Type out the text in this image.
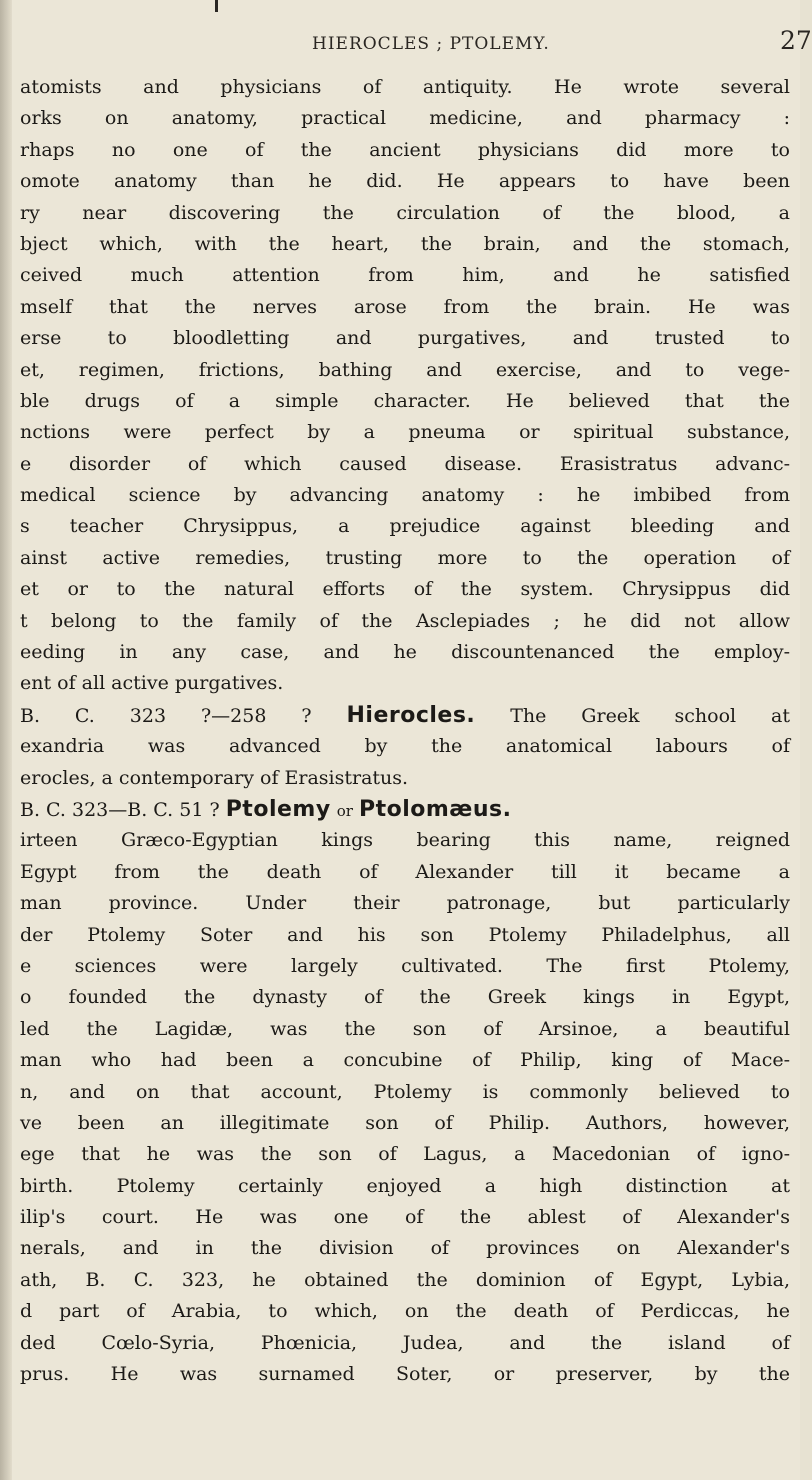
HIEROCLES ; PTOLEMY.	27
atomists and physicians of antiquity. He wrote several
orks on anatomy, practical medicine, and pharmacy :
rhaps no one of the ancient physicians did more to
omote anatomy than he did. He appears to have been
ry near discovering the circulation of the blood, a
bject which, with the heart, the brain, and the stomach,
ceived much attention from him, and he satisfied
mself that the nerves arose from the brain. He was
erse to bloodletting and purgatives, and trusted to
et, regimen, frictions, bathing and exercise, and to vege-
ble drugs of a simple character. He believed that the
nctions were perfect by a pneuma or spiritual substance,
e disorder of which caused disease. Erasistratus advanc-
medical science by advancing anatomy : he imbibed from
s teacher Chrysippus, a prejudice against bleeding and
ainst active remedies, trusting more to the operation of
et or to the natural efforts of the system. Chrysippus did
t belong to the family of the Asclepiades ; he did not allow
eeding in any case, and he discountenanced the employ-
ent of all active purgatives.
B. C. 323 ?—258 ? Hierocles. The Greek school at
exandria was advanced by the anatomical labours of
erocles, a contemporary of Erasistratus.
B. C. 323—B. C. 51 ? Ptolemy or Ptolomæus.
irteen Græco-Egyptian kings bearing this name, reigned
Egypt from the death of Alexander till it became a
man province. Under their patronage, but particularly
der Ptolemy Soter and his son Ptolemy Philadelphus, all
e sciences were largely cultivated. The first Ptolemy,
o founded the dynasty of the Greek kings in Egypt,
led the Lagidæ, was the son of Arsinoe, a beautiful
man who had been a concubine of Philip, king of Mace-
n, and on that account, Ptolemy is commonly believed to
ve been an illegitimate son of Philip. Authors, however,
ege that he was the son of Lagus, a Macedonian of igno-
birth. Ptolemy certainly enjoyed a high distinction at
ilip's court. He was one of the ablest of Alexander's
nerals, and in the division of provinces on Alexander's
ath, B. C. 323, he obtained the dominion of Egypt, Lybia,
d part of Arabia, to which, on the death of Perdiccas, he
ded Cœlo-Syria, Phœnicia, Judea, and the island of
prus. He was surnamed Soter, or preserver, by the
